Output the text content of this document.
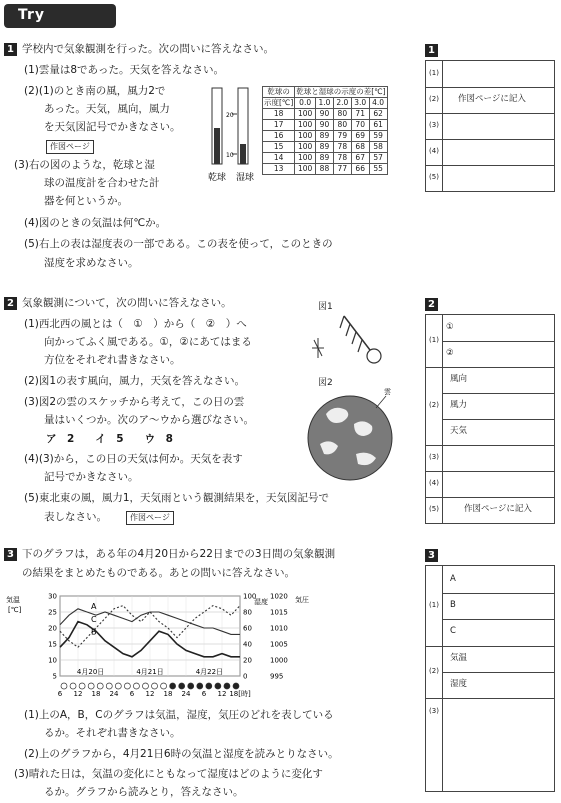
Try
1 学校内で気象観測を行った。次の問いに答えなさい。
(1)雲量は8であった。天気を答えなさい。
(2)(1)のとき南の風，風力2で
あった。天気，風向，風力
を天気図記号でかきなさい。
作図ページ
(3)右の図のような，乾球と湿
球の温度計を合わせた計
器を何というか。
(4)図のときの気温は何℃か。
(5)右上の表は湿度表の一部である。この表を使って，このときの
湿度を求めなさい。
20
10
乾球 湿球
乾球の	乾球と湿球の示度の差[℃]				
示度[℃]	0.0	1.0	2.0	3.0	4.0
18	100	90	80	71	62
17	100	90	80	70	61
16	100	89	79	69	59
15	100	89	78	68	58
14	100	89	78	67	57
13	100	88	77	66	55
2 気象観測について，次の問いに答えなさい。
(1)西北西の風とは（　①　）から（　②　）へ
向かってふく風である。①，②にあてはまる
方位をそれぞれ書きなさい。
(2)図1の表す風向，風力，天気を答えなさい。
(3)図2の雲のスケッチから考えて，この日の雲
量はいくつか。次のア〜ウから選びなさい。
ア　2　　イ　5　　ウ　8
(4)(3)から，この日の天気は何か。天気を表す
記号でかきなさい。
(5)東北東の風，風力1，天気雨という観測結果を，天気図記号で
表しなさい。	作図ページ
図1
図2
雲
3 下のグラフは，ある年の4月20日から22日までの3日間の気象観測
の結果をまとめたものである。あとの問いに答えなさい。
30	100 1020
25	80	1015
20	60	1010
15	40	1005
10	20	1000
5	0	995
6 12 18 24 6 12 18 24 6 12 18[時]
気温
[℃]
湿度	気圧
4月20日	4月21日	4月22日
A
B
C
(1)上のA，B，Cのグラフは気温，湿度，気圧のどれを表している
るか。それぞれ書きなさい。
(2)上のグラフから，4月21日6時の気温と湿度を読みとりなさい。
(3)晴れた日は，気温の変化にともなって湿度はどのように変化す
るか。グラフから読みとり，答えなさい。
1
(1)
(2)	作図ページに記入
(3)
(4)
(5)
2
(1)
①
②
(2)
風向
風力
天気
(3)
(4)
(5)	作図ページに記入
3
(1)
A
B
C
(2)
気温
湿度
(3)
